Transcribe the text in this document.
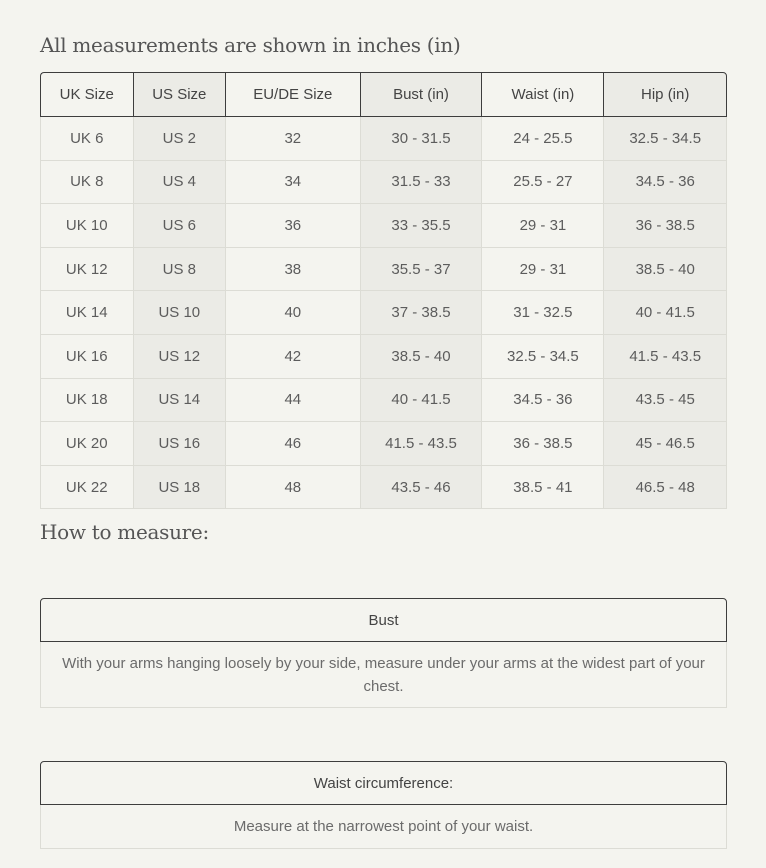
All measurements are shown in inches (in)
UK Size	US Size	EU/DE Size	Bust (in)	Waist (in)	Hip (in)
UK 6	US 2	32	30 - 31.5	24 - 25.5	32.5 - 34.5
UK 8	US 4	34	31.5 - 33	25.5 - 27	34.5 - 36
UK 10	US 6	36	33 - 35.5	29 - 31	36 - 38.5
UK 12	US 8	38	35.5 - 37	29 - 31	38.5 - 40
UK 14	US 10	40	37 - 38.5	31 - 32.5	40 - 41.5
UK 16	US 12	42	38.5 - 40	32.5 - 34.5	41.5 - 43.5
UK 18	US 14	44	40 - 41.5	34.5 - 36	43.5 - 45
UK 20	US 16	46	41.5 - 43.5	36 - 38.5	45 - 46.5
UK 22	US 18	48	43.5 - 46	38.5 - 41	46.5 - 48
How to measure:
Bust
With your arms hanging loosely by your side, measure under your arms at the widest part of your chest.
Waist circumference:
Measure at the narrowest point of your waist.
